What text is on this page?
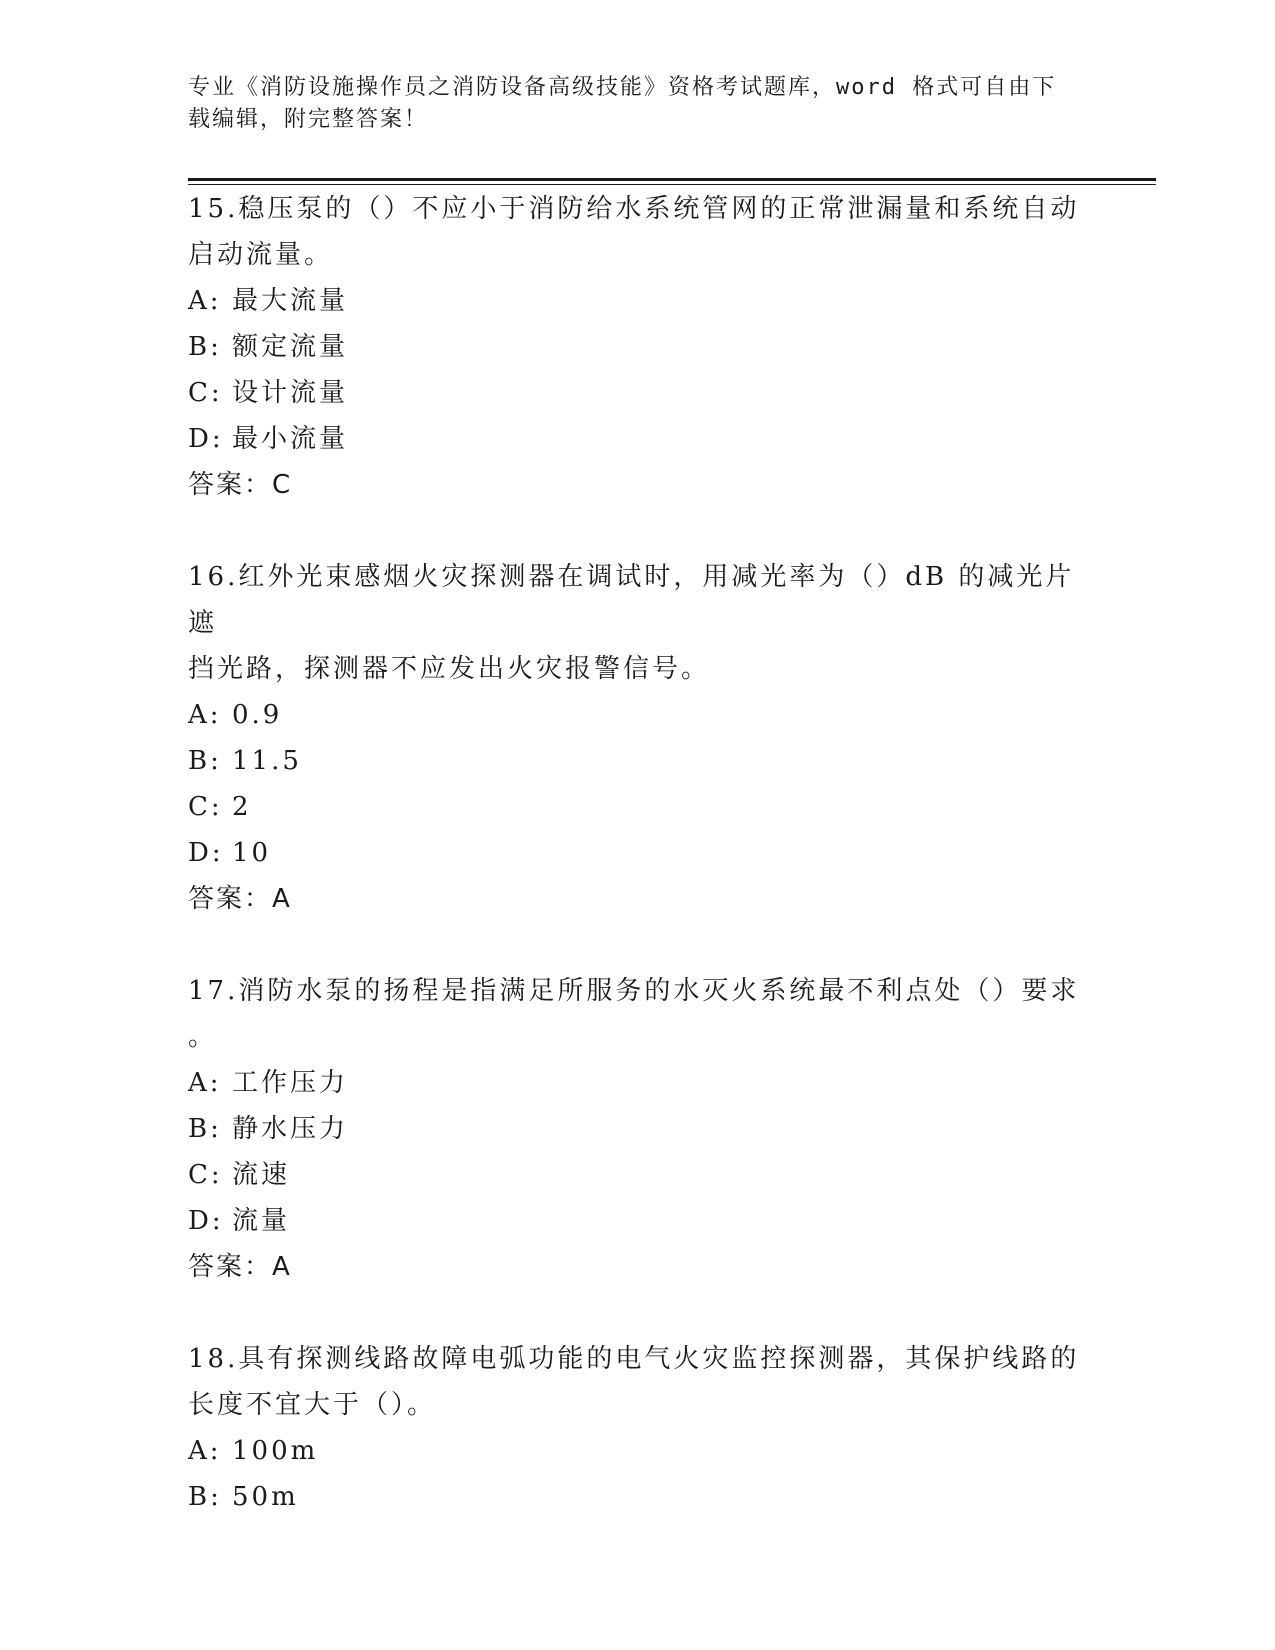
专业《消防设施操作员之消防设备高级技能》资格考试题库，word 格式可自由下
载编辑，附完整答案！
15.稳压泵的（）不应小于消防给水系统管网的正常泄漏量和系统自动
启动流量。
A: 最大流量
B: 额定流量
C: 设计流量
D: 最小流量
答案：C
16.红外光束感烟火灾探测器在调试时，用减光率为（）dB 的减光片遮
挡光路，探测器不应发出火灾报警信号。
A: 0.9
B: 11.5
C: 2
D: 10
答案：A
17.消防水泵的扬程是指满足所服务的水灭火系统最不利点处（）要求
。
A: 工作压力
B: 静水压力
C: 流速
D: 流量
答案：A
18.具有探测线路故障电弧功能的电气火灾监控探测器，其保护线路的
长度不宜大于（）。
A: 100m
B: 50m
